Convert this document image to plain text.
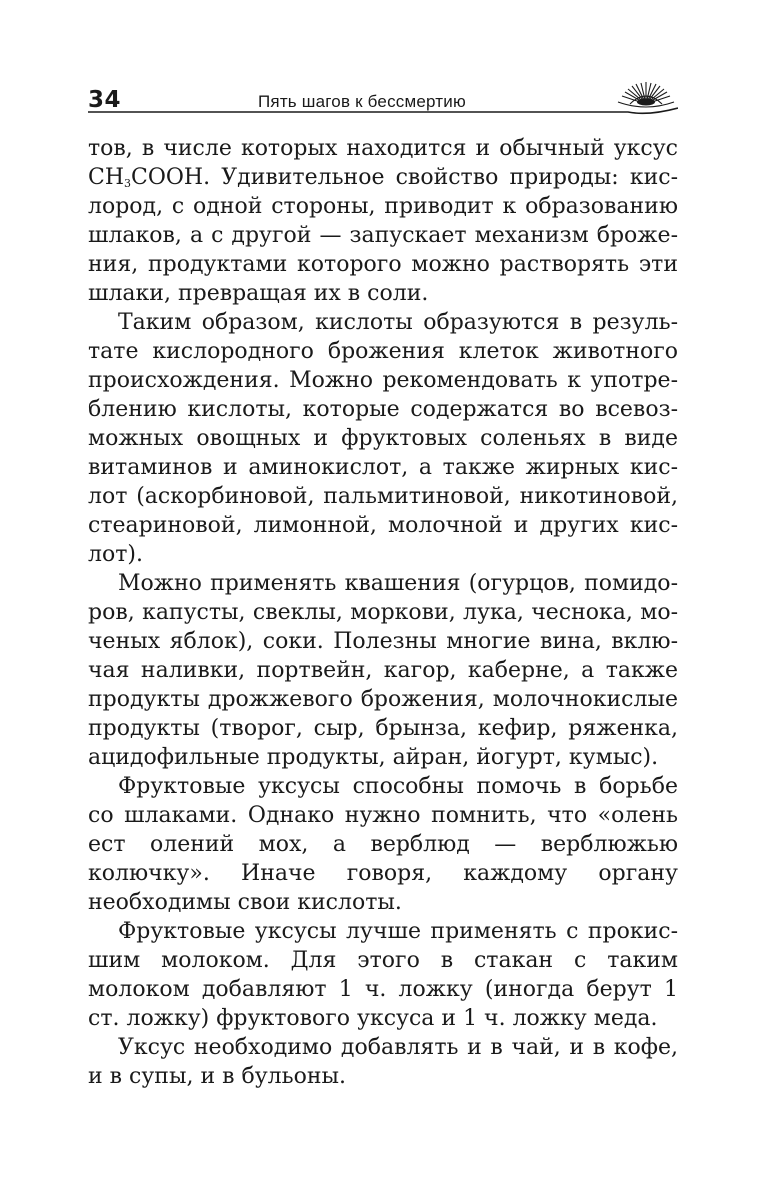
34	Пять шагов к бессмертию

тов, в числе которых находится и обычный уксус $CH_3COOH$. Удивительное свойство природы: кислород, с одной стороны, приводит к образованию шлаков, а с другой — запускает механизм брожения, продуктами которого можно растворять эти шлаки, превращая их в соли.

Таким образом, кислоты образуются в результате кислородного брожения клеток животного происхождения. Можно рекомендовать к употреблению кислоты, которые содержатся во всевозможных овощных и фруктовых соленьях в виде витаминов и аминокислот, а также жирных кислот (аскорбиновой, пальмитиновой, никотиновой, стеариновой, лимонной, молочной и других кислот).

Можно применять квашения (огурцов, помидоров, капусты, свеклы, моркови, лука, чеснока, моченых яблок), соки. Полезны многие вина, включая наливки, портвейн, кагор, каберне, а также продукты дрожжевого брожения, молочнокислые продукты (творог, сыр, брынза, кефир, ряженка, ацидофильные продукты, айран, йогурт, кумыс).

Фруктовые уксусы способны помочь в борьбе со шлаками. Однако нужно помнить, что «олень ест олений мох, а верблюд — верблюжью колючку». Иначе говоря, каждому органу необходимы свои кислоты.

Фруктовые уксусы лучше применять с прокисшим молоком. Для этого в стакан с таким молоком добавляют 1 ч. ложку (иногда берут 1 ст. ложку) фруктового уксуса и 1 ч. ложку меда.

Уксус необходимо добавлять и в чай, и в кофе, и в супы, и в бульоны.
